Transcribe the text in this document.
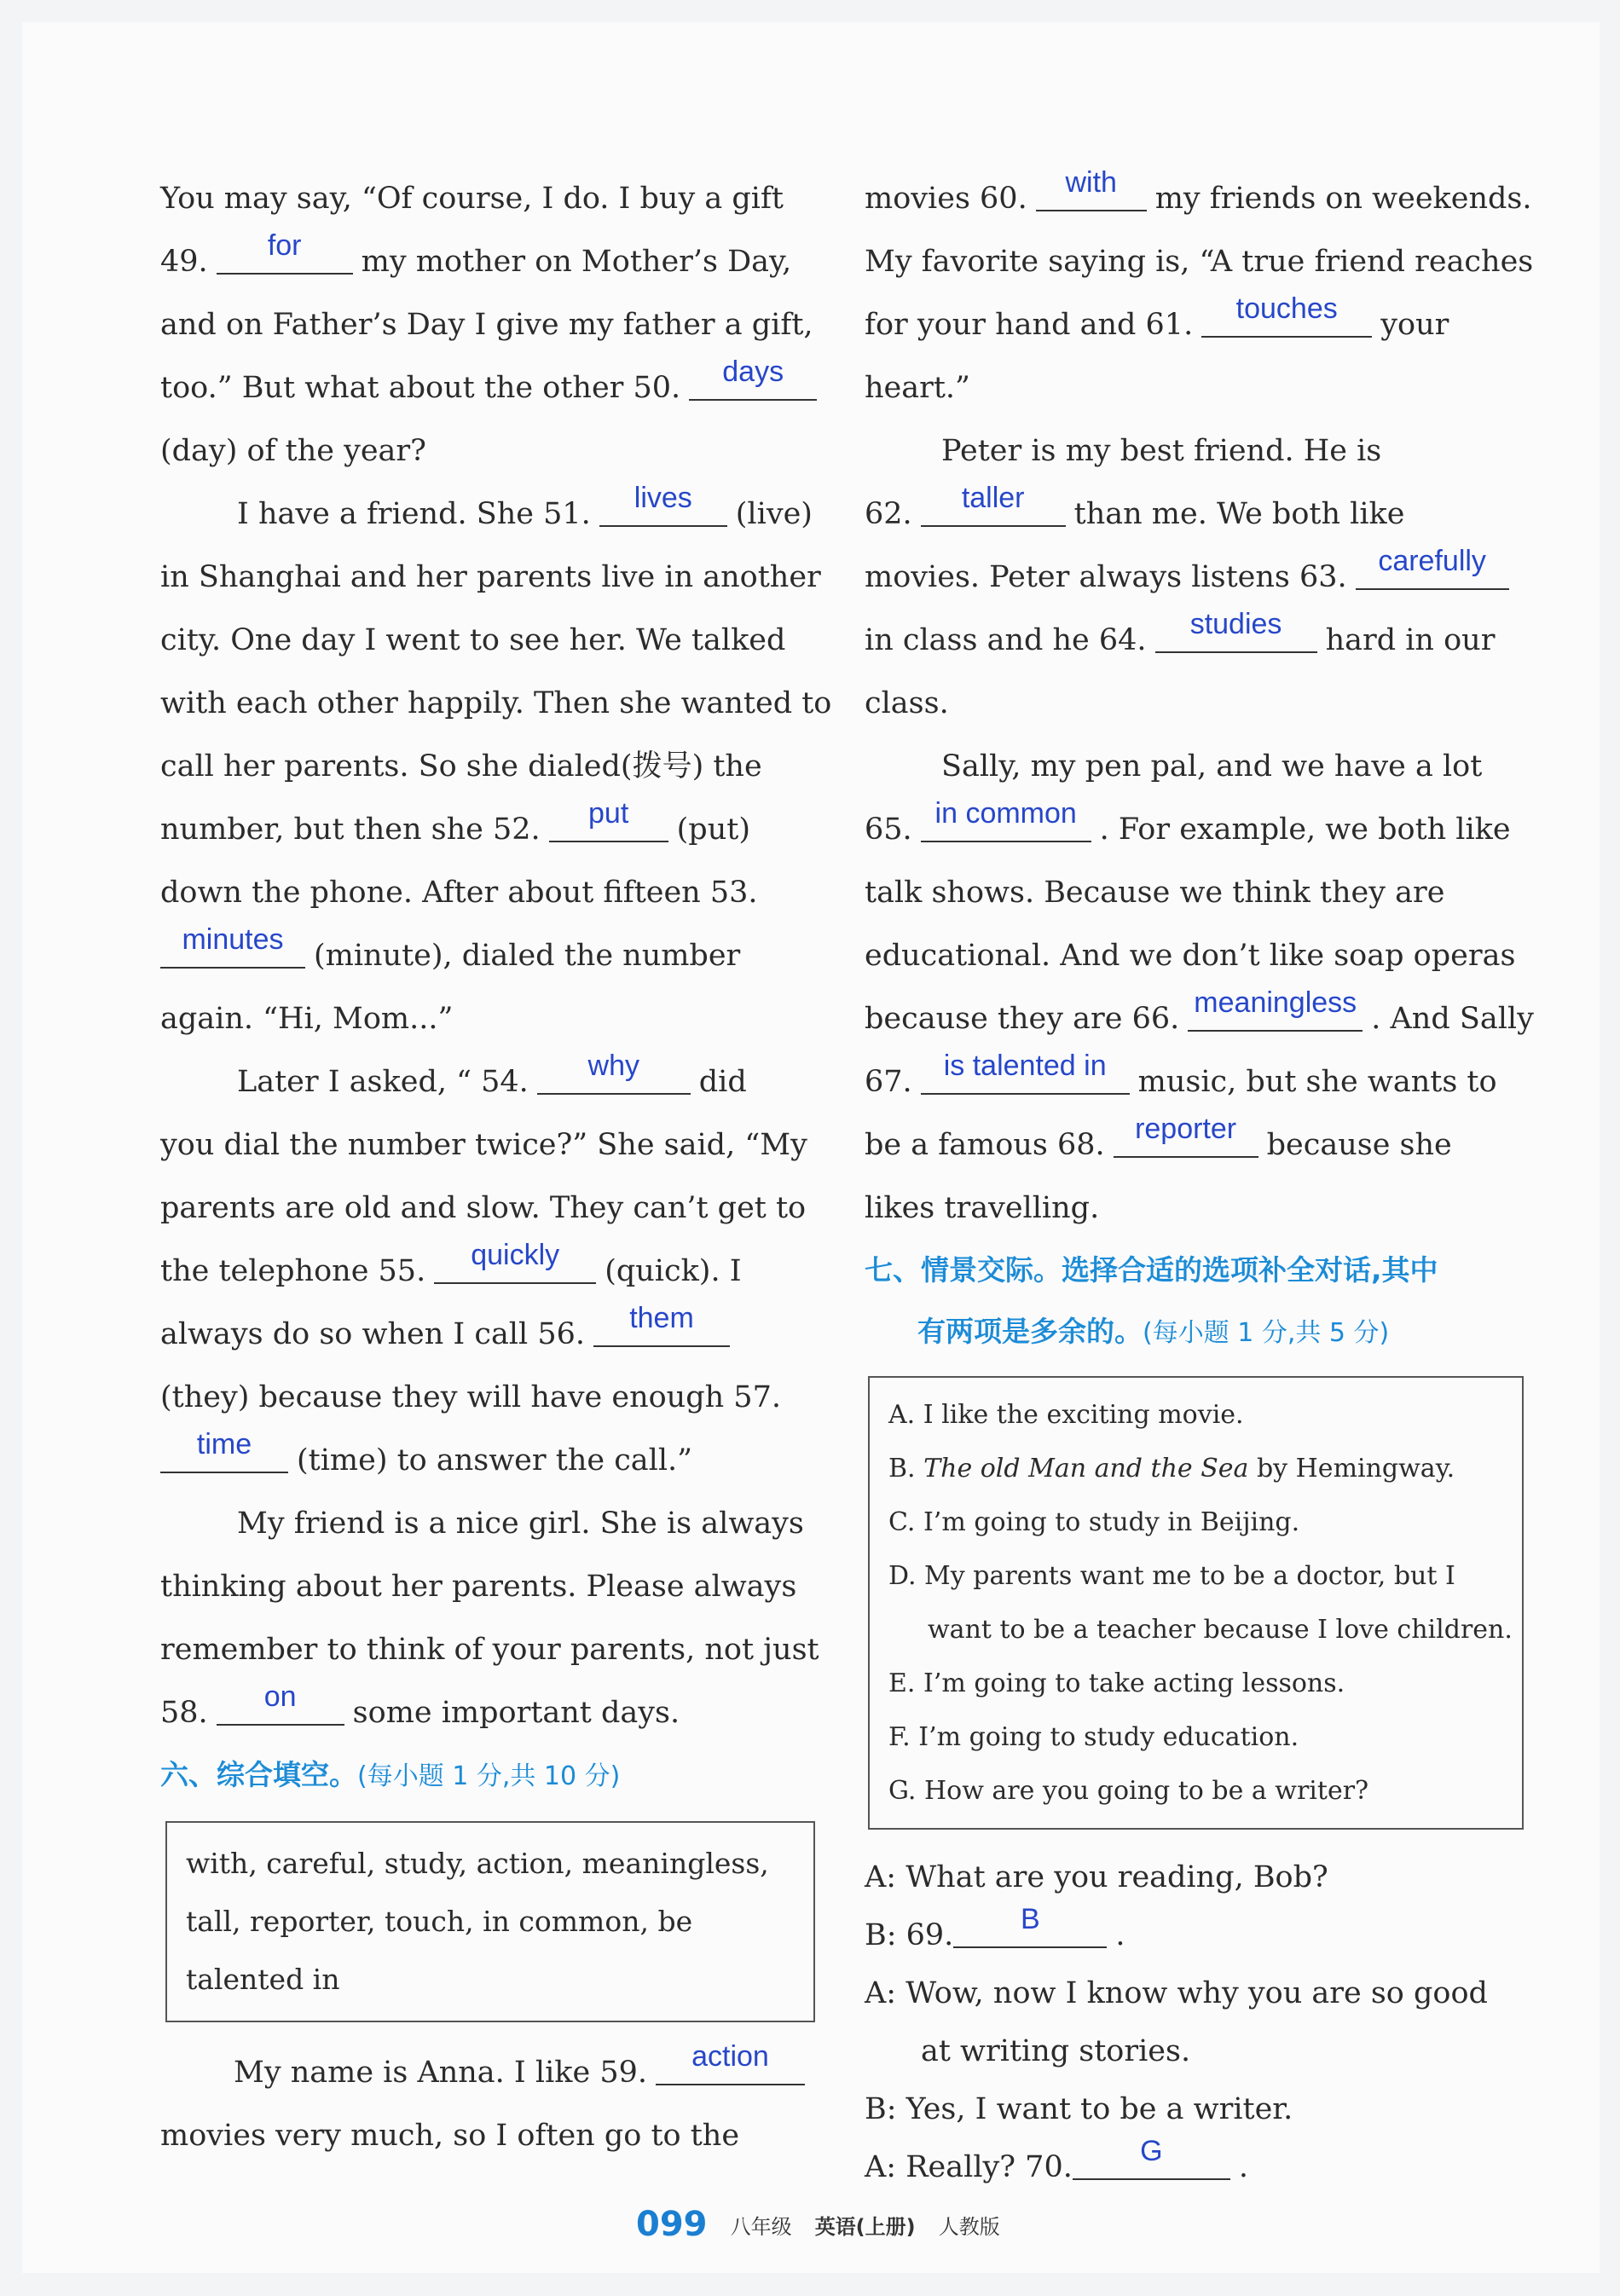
You may say, “Of course, I do. I buy a gift
49.	for	my mother on Mother’s Day,
and on Father’s Day I give my father a gift,
too.” But what about the other 50.	days
(day) of the year?
I have a friend. She 51.	lives	(live)
in Shanghai and her parents live in another
city. One day I went to see her. We talked
with each other happily. Then she wanted to
call her parents. So she dialed(拨号) the
number, but then she 52.	put	(put)
down the phone. After about fifteen 53.
minutes	(minute), dialed the number
again. “Hi, Mom...”
Later I asked, “ 54.	why	did
you dial the number twice?” She said, “My
parents are old and slow. They can’t get to
the telephone 55.	quickly	(quick). I
always do so when I call 56.	them
(they) because they will have enough 57.
time	(time) to answer the call.”
My friend is a nice girl. She is always
thinking about her parents. Please always
remember to think of your parents, not just
58.	on	some important days.
六、综合填空。(每小题 1 分,共 10 分)
with, careful, study, action, meaningless,
tall, reporter, touch, in common, be
talented in
My name is Anna. I like 59.	action
movies very much, so I often go to the
movies 60.	with	my friends on weekends.
My favorite saying is, “A true friend reaches
for your hand and 61.	touches	your
heart.”
Peter is my best friend. He is
62.	taller	than me. We both like
movies. Peter always listens 63.	carefully
in class and he 64.	studies	hard in our
class.
Sally, my pen pal, and we have a lot
65. in common . For example, we both like
talk shows. Because we think they are
educational. And we don’t like soap operas
because they are 66. meaningless . And Sally
67.	is talented in	music, but she wants to
be a famous 68.	reporter	because she
likes travelling.
七、情景交际。选择合适的选项补全对话,其中
有两项是多余的。(每小题 1 分,共 5 分)
A. I like the exciting movie.
B. The old Man and the Sea by Hemingway.
C. I’m going to study in Beijing.
D. My parents want me to be a doctor, but I
want to be a teacher because I love children.
E. I’m going to take acting lessons.
F. I’m going to study education.
G. How are you going to be a writer?
A: What are you reading, Bob?
B: 69.	B	.
A: Wow, now I know why you are so good
at writing stories.
B: Yes, I want to be a writer.
A: Really? 70.	G	.
099 八年级 英语(上册) 人教版
